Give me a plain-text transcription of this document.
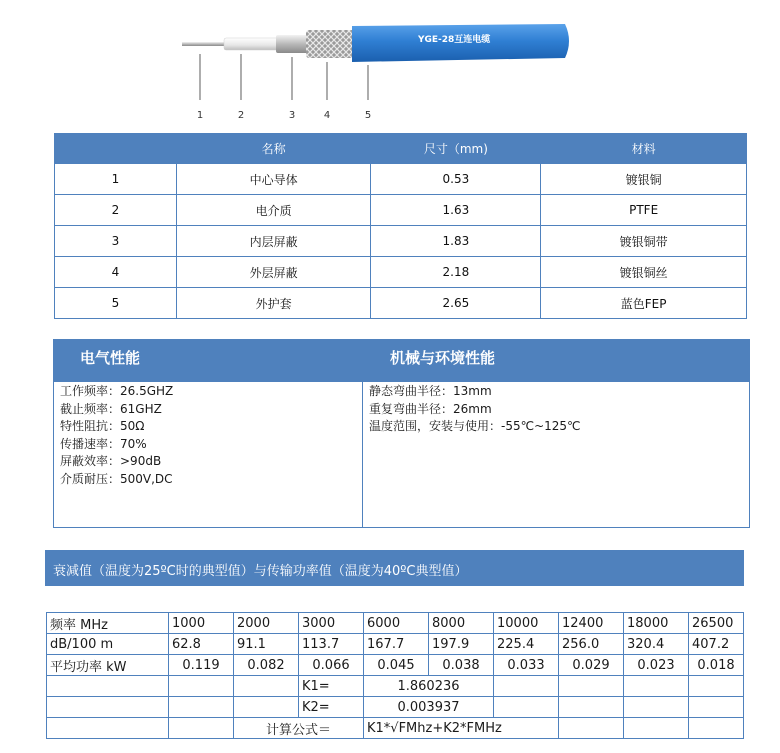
YGE-28互连电缆
1	2	3	4	5
	名称	尺寸（mm)	材料
1	中心导体	0.53	镀银铜
2	电介质	1.63	PTFE
3	内层屏蔽	1.83	镀银铜带
4	外层屏蔽	2.18	镀银铜丝
5	外护套	2.65	蓝色FEP
电气性能	机械与环境性能
工作频率：26.5GHZ
截止频率：61GHZ
特性阻抗：50Ω
传播速率：70%
屏蔽效率：>90dB
介质耐压：500V,DC
静态弯曲半径：13mm
重复弯曲半径：26mm
温度范围，安装与使用：-55℃~125℃
衰减值（温度为25ºC时的典型值）与传输功率值（温度为40ºC典型值）
频率 MHz	1000	2000	3000	6000	8000	10000	12400	18000	26500
dB/100 m	62.8	91.1	113.7	167.7	197.9	225.4	256.0	320.4	407.2
平均功率 kW	0.119	0.082	0.066	0.045	0.038	0.033	0.029	0.023	0.018
			K1=	1.860236					
			K2=	0.003937					
		计算公式＝		K1*√FMhz+K2*FMHz					
